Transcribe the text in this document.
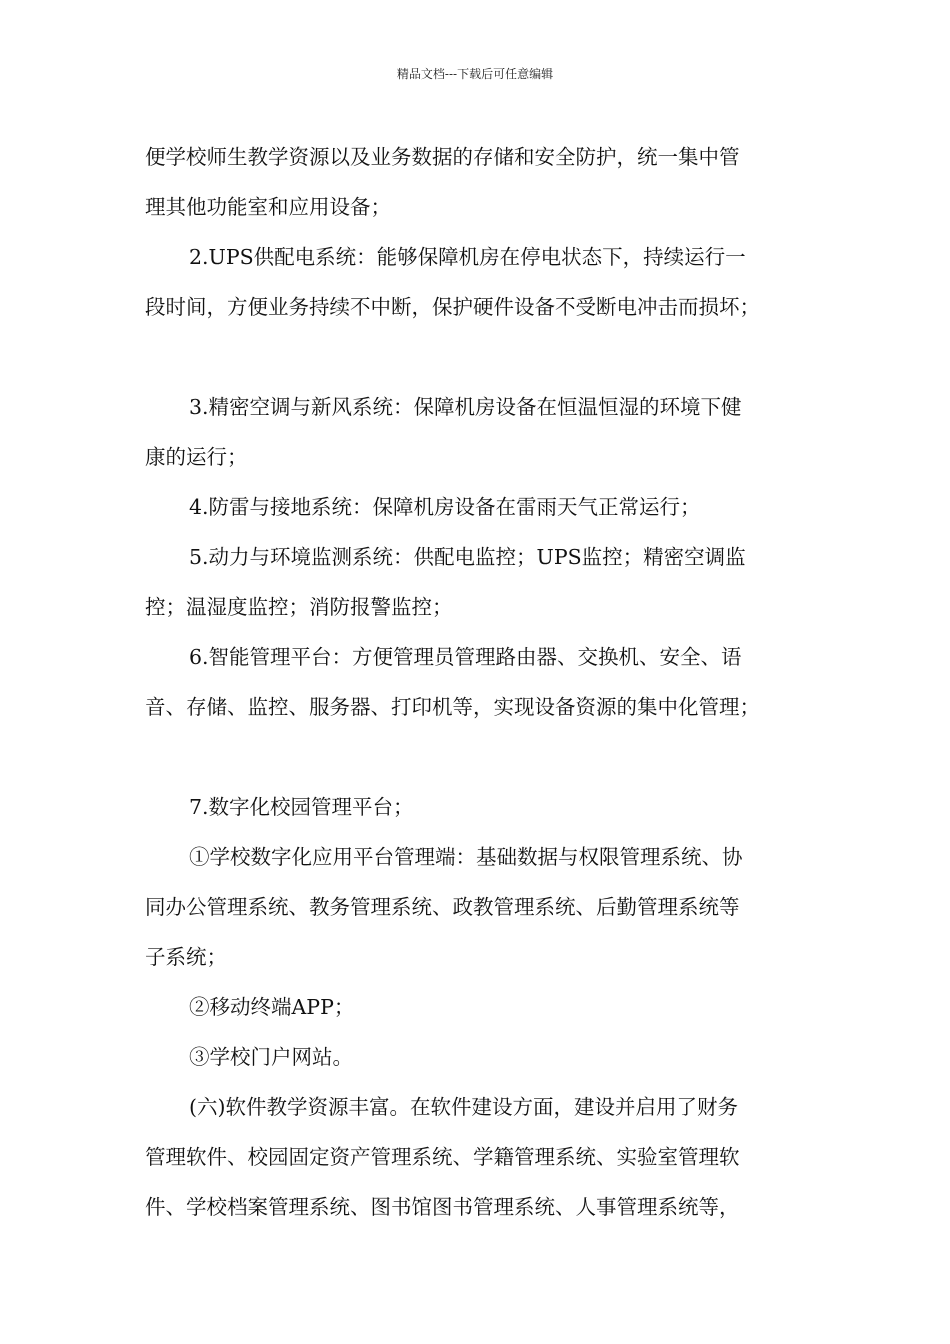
精品文档---下载后可任意编辑
便学校师生教学资源以及业务数据的存储和安全防护，统一集中管
理其他功能室和应用设备；
2.UPS供配电系统：能够保障机房在停电状态下，持续运行一
段时间，方便业务持续不中断，保护硬件设备不受断电冲击而损坏；
3.精密空调与新风系统：保障机房设备在恒温恒湿的环境下健
康的运行；
4.防雷与接地系统：保障机房设备在雷雨天气正常运行；
5.动力与环境监测系统：供配电监控；UPS监控；精密空调监
控；温湿度监控；消防报警监控；
6.智能管理平台：方便管理员管理路由器、交换机、安全、语
音、存储、监控、服务器、打印机等，实现设备资源的集中化管理；
7.数字化校园管理平台；
①学校数字化应用平台管理端：基础数据与权限管理系统、协
同办公管理系统、教务管理系统、政教管理系统、后勤管理系统等
子系统；
②移动终端APP；
③学校门户网站。
(六)软件教学资源丰富。在软件建设方面，建设并启用了财务
管理软件、校园固定资产管理系统、学籍管理系统、实验室管理软
件、学校档案管理系统、图书馆图书管理系统、人事管理系统等，
